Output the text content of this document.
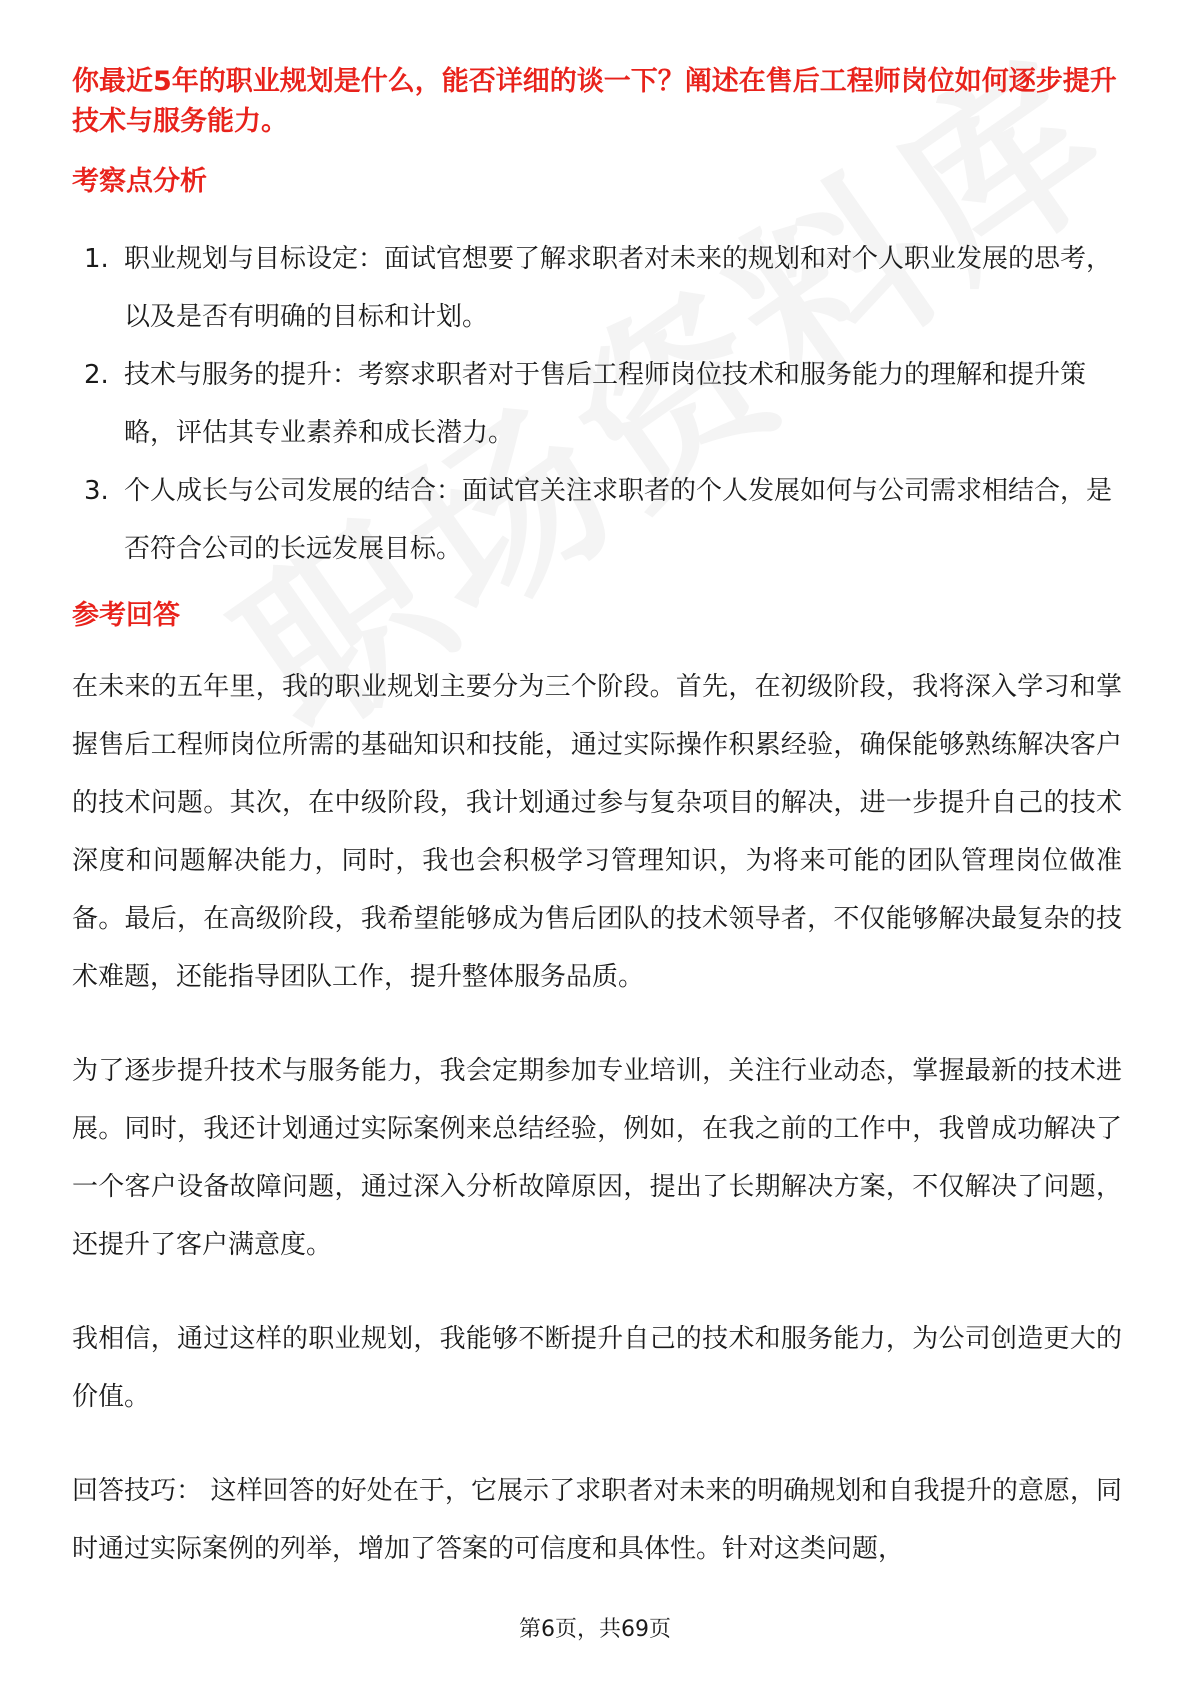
你最近5年的职业规划是什么，能否详细的谈一下？阐述在售后工程师岗位如何逐步提升技术与服务能力。

考察点分析
1. 职业规划与目标设定：面试官想要了解求职者对未来的规划和对个人职业发展的思考，以及是否有明确的目标和计划。
2. 技术与服务的提升：考察求职者对于售后工程师岗位技术和服务能力的理解和提升策略，评估其专业素养和成长潜力。
3. 个人成长与公司发展的结合：面试官关注求职者的个人发展如何与公司需求相结合，是否符合公司的长远发展目标。
参考回答

在未来的五年里，我的职业规划主要分为三个阶段。首先，在初级阶段，我将深入学习和掌握售后工程师岗位所需的基础知识和技能，通过实际操作积累经验，确保能够熟练解决客户的技术问题。其次，在中级阶段，我计划通过参与复杂项目的解决，进一步提升自己的技术深度和问题解决能力，同时，我也会积极学习管理知识，为将来可能的团队管理岗位做准备。最后，在高级阶段，我希望能够成为售后团队的技术领导者，不仅能够解决最复杂的技术难题，还能指导团队工作，提升整体服务品质。

为了逐步提升技术与服务能力，我会定期参加专业培训，关注行业动态，掌握最新的技术进展。同时，我还计划通过实际案例来总结经验，例如，在我之前的工作中，我曾成功解决了一个客户设备故障问题，通过深入分析故障原因，提出了长期解决方案，不仅解决了问题，还提升了客户满意度。

我相信，通过这样的职业规划，我能够不断提升自己的技术和服务能力，为公司创造更大的价值。

回答技巧： 这样回答的好处在于，它展示了求职者对未来的明确规划和自我提升的意愿，同时通过实际案例的列举，增加了答案的可信度和具体性。针对这类问题，

第6页，共69页
